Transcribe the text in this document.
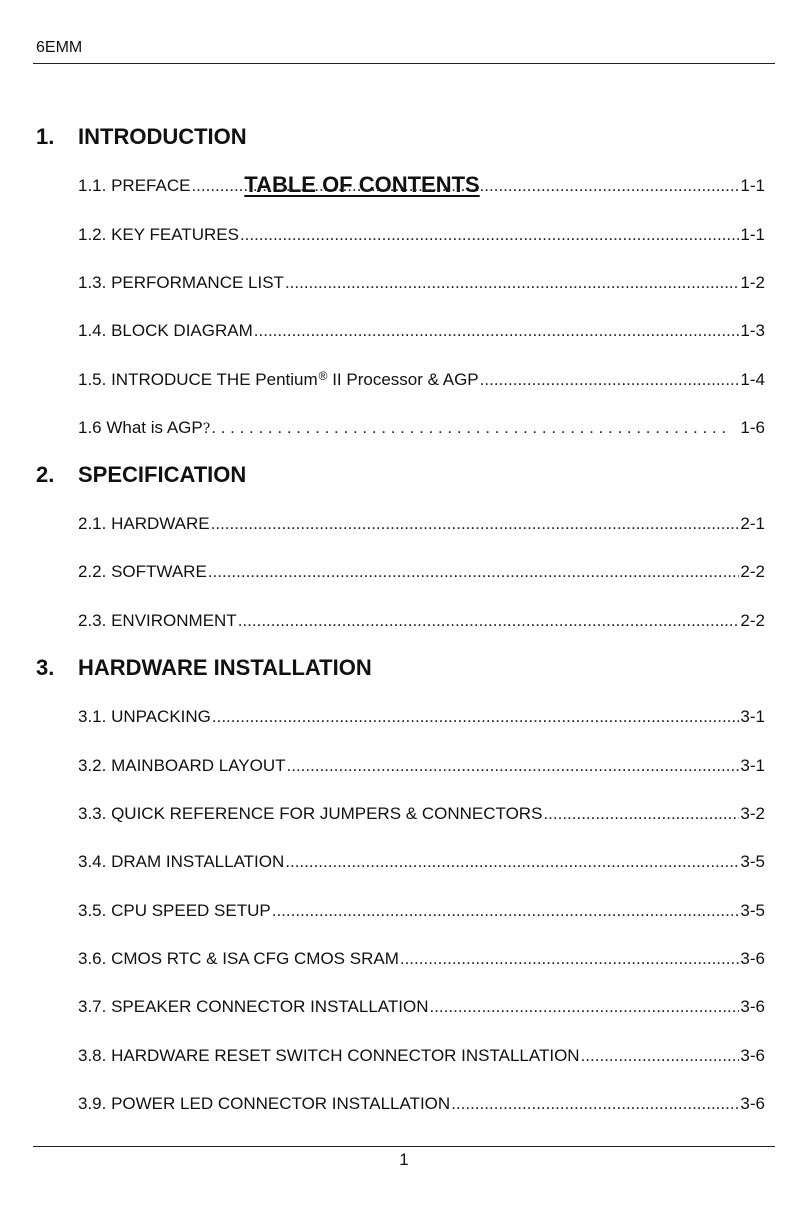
6EMM
TABLE OF CONTENTS
1.	INTRODUCTION
1.1. PREFACE .....	1-1
1.2. KEY FEATURES .....	1-1
1.3. PERFORMANCE LIST .....	1-2
1.4. BLOCK DIAGRAM .....	1-3
1.5. INTRODUCE THE Pentium® II Processor & AGP .....	1-4
1.6 What is AGP? . . .	1-6
2.	SPECIFICATION
2.1. HARDWARE .....	2-1
2.2. SOFTWARE .....	2-2
2.3. ENVIRONMENT .....	2-2
3.	HARDWARE INSTALLATION
3.1. UNPACKING .....	3-1
3.2. MAINBOARD LAYOUT .....	3-1
3.3. QUICK REFERENCE FOR JUMPERS & CONNECTORS .....	3-2
3.4. DRAM INSTALLATION .....	3-5
3.5. CPU SPEED SETUP .....	3-5
3.6. CMOS RTC & ISA CFG CMOS SRAM .....	3-6
3.7. SPEAKER CONNECTOR INSTALLATION .....	3-6
3.8. HARDWARE RESET SWITCH CONNECTOR INSTALLATION .....	3-6
3.9. POWER LED CONNECTOR INSTALLATION .....	3-6
1
